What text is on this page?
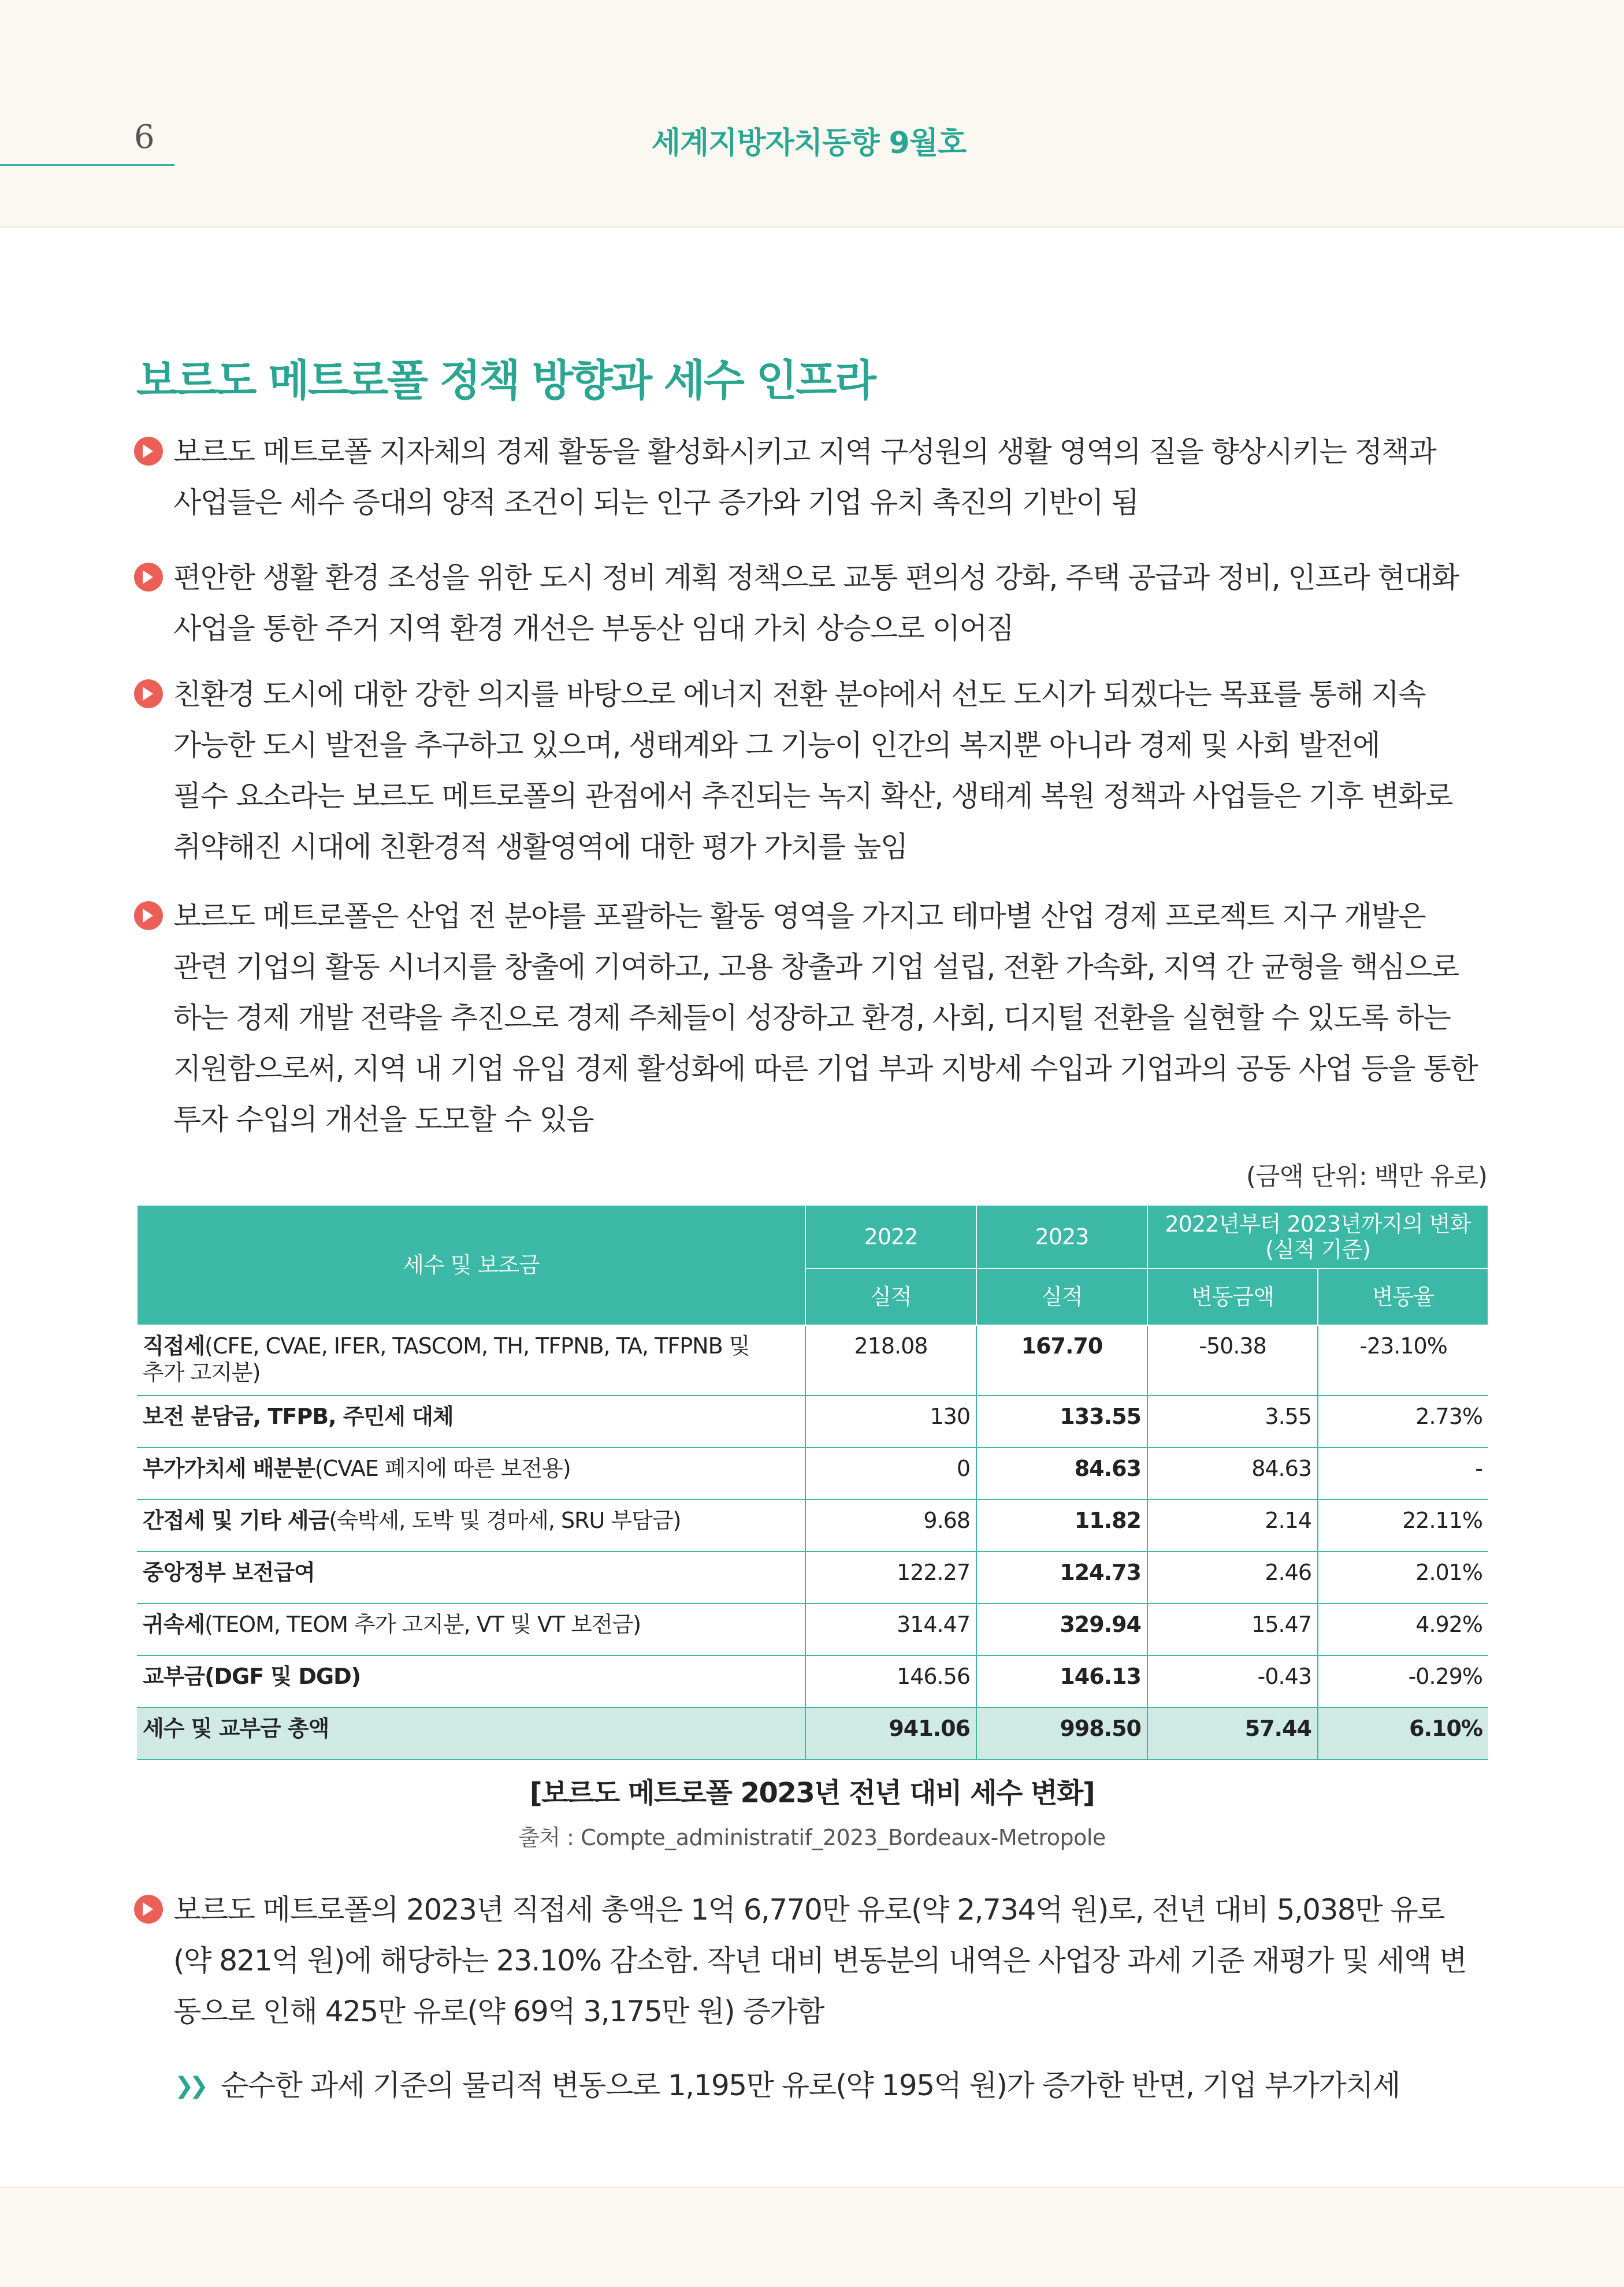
6	세계지방자치동향 9월호
보르도 메트로폴 정책 방향과 세수 인프라
보르도 메트로폴 지자체의 경제 활동을 활성화시키고 지역 구성원의 생활 영역의 질을 향상시키는 정책과
사업들은 세수 증대의 양적 조건이 되는 인구 증가와 기업 유치 촉진의 기반이 됨
편안한 생활 환경 조성을 위한 도시 정비 계획 정책으로 교통 편의성 강화, 주택 공급과 정비, 인프라 현대화
사업을 통한 주거 지역 환경 개선은 부동산 임대 가치 상승으로 이어짐
친환경 도시에 대한 강한 의지를 바탕으로 에너지 전환 분야에서 선도 도시가 되겠다는 목표를 통해 지속
가능한 도시 발전을 추구하고 있으며, 생태계와 그 기능이 인간의 복지뿐 아니라 경제 및 사회 발전에
필수 요소라는 보르도 메트로폴의 관점에서 추진되는 녹지 확산, 생태계 복원 정책과 사업들은 기후 변화로
취약해진 시대에 친환경적 생활영역에 대한 평가 가치를 높임
보르도 메트로폴은 산업 전 분야를 포괄하는 활동 영역을 가지고 테마별 산업 경제 프로젝트 지구 개발은
관련 기업의 활동 시너지를 창출에 기여하고, 고용 창출과 기업 설립, 전환 가속화, 지역 간 균형을 핵심으로
하는 경제 개발 전략을 추진으로 경제 주체들이 성장하고 환경, 사회, 디지털 전환을 실현할 수 있도록 하는
지원함으로써, 지역 내 기업 유입 경제 활성화에 따른 기업 부과 지방세 수입과 기업과의 공동 사업 등을 통한
투자 수입의 개선을 도모할 수 있음
(금액 단위: 백만 유로)
세수 및 보조금	2022	2023	2022년부터 2023년까지의 변화
(실적 기준)	

	실적	실적	변동금액	변동율
직접세(CFE, CVAE, IFER, TASCOM, TH, TFPNB, TA, TFPNB 및
추가 고지분)	218.08	167.70	-50.38	-23.10%
보전 분담금, TFPB, 주민세 대체	130	133.55	3.55	2.73%
부가가치세 배분분(CVAE 폐지에 따른 보전용)	0	84.63	84.63	-
간접세 및 기타 세금(숙박세, 도박 및 경마세, SRU 부담금)	9.68	11.82	2.14	22.11%
중앙정부 보전급여	122.27	124.73	2.46	2.01%
귀속세(TEOM, TEOM 추가 고지분, VT 및 VT 보전금)	314.47	329.94	15.47	4.92%
교부금(DGF 및 DGD)	146.56	146.13	-0.43	-0.29%
세수 및 교부금 총액	941.06	998.50	57.44	6.10%
[보르도 메트로폴 2023년 전년 대비 세수 변화]
출처 : Compte_administratif_2023_Bordeaux-Metropole
보르도 메트로폴의 2023년 직접세 총액은 1억 6,770만 유로(약 2,734억 원)로, 전년 대비 5,038만 유로
(약 821억 원)에 해당하는 23.10% 감소함. 작년 대비 변동분의 내역은 사업장 과세 기준 재평가 및 세액 변
동으로 인해 425만 유로(약 69억 3,175만 원) 증가함
❯❯ 순수한 과세 기준의 물리적 변동으로 1,195만 유로(약 195억 원)가 증가한 반면, 기업 부가가치세
